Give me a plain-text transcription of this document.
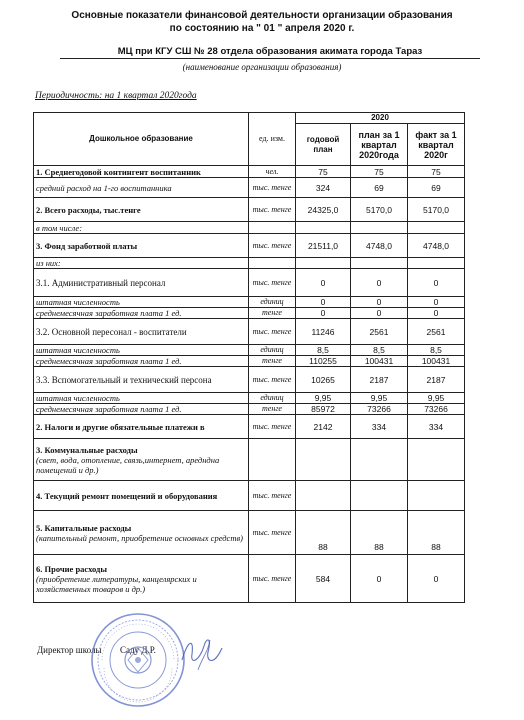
Основные показатели финансовой деятельности организации образования
по состоянию на " 01 " апреля 2020 г.
МЦ при КГУ СШ № 28 отдела образования акимата города Тараз
(наименование организации образования)
Периодичность: на 1 квартал 2020года
Дошкольное образование	ед. изм.	2020		
		годовой план	план за 1 квартал 2020года	факт за 1 квартал 2020г
1. Среднегодовой контингент воспитанник	чел.	75	75	75
средний расход на 1-го воспитанника	тыс. тенге	324	69	69
2. Всего расходы, тыс.тенге	тыс. тенге	24325,0	5170,0	5170,0
в том числе:				
3. Фонд заработной платы	тыс. тенге	21511,0	4748,0	4748,0
из них:				
3.1. Административный персонал	тыс. тенге	0	0	0
штатная численность	единиц	0	0	0
среднемесячная заработная плата 1 ед.	тенге	0	0	0
3.2. Основной пересонал - воспитатели	тыс. тенге	11246	2561	2561
штатная численность	единиц	8,5	8,5	8,5
среднемесячная заработная плата 1 ед.	тенге	110255	100431	100431
3.3. Вспомогательный и технический персона	тыс. тенге	10265	2187	2187
штатная численность	единиц	9,95	9,95	9,95
среднемесячная заработная плата 1 ед.	тенге	85972	73266	73266
2. Налоги и другие обязательные платежи в	тыс. тенге	2142	334	334
3. Коммунальные расходы
(свет, вода, отопление, связь,интернет, аредндна помещений и др.)				
4. Текущий ремонт помещений и оборудования	тыс. тенге			
5. Капитальные расходы
(капительный ремонт, приобретение основных средств)	тыс. тенге	88	88	88
6. Прочие расходы
(приобретение литературы, канцелярских и хозяйственных товаров и др.)	тыс. тенге	584	0	0
Директор школы Саду Д.Р.
